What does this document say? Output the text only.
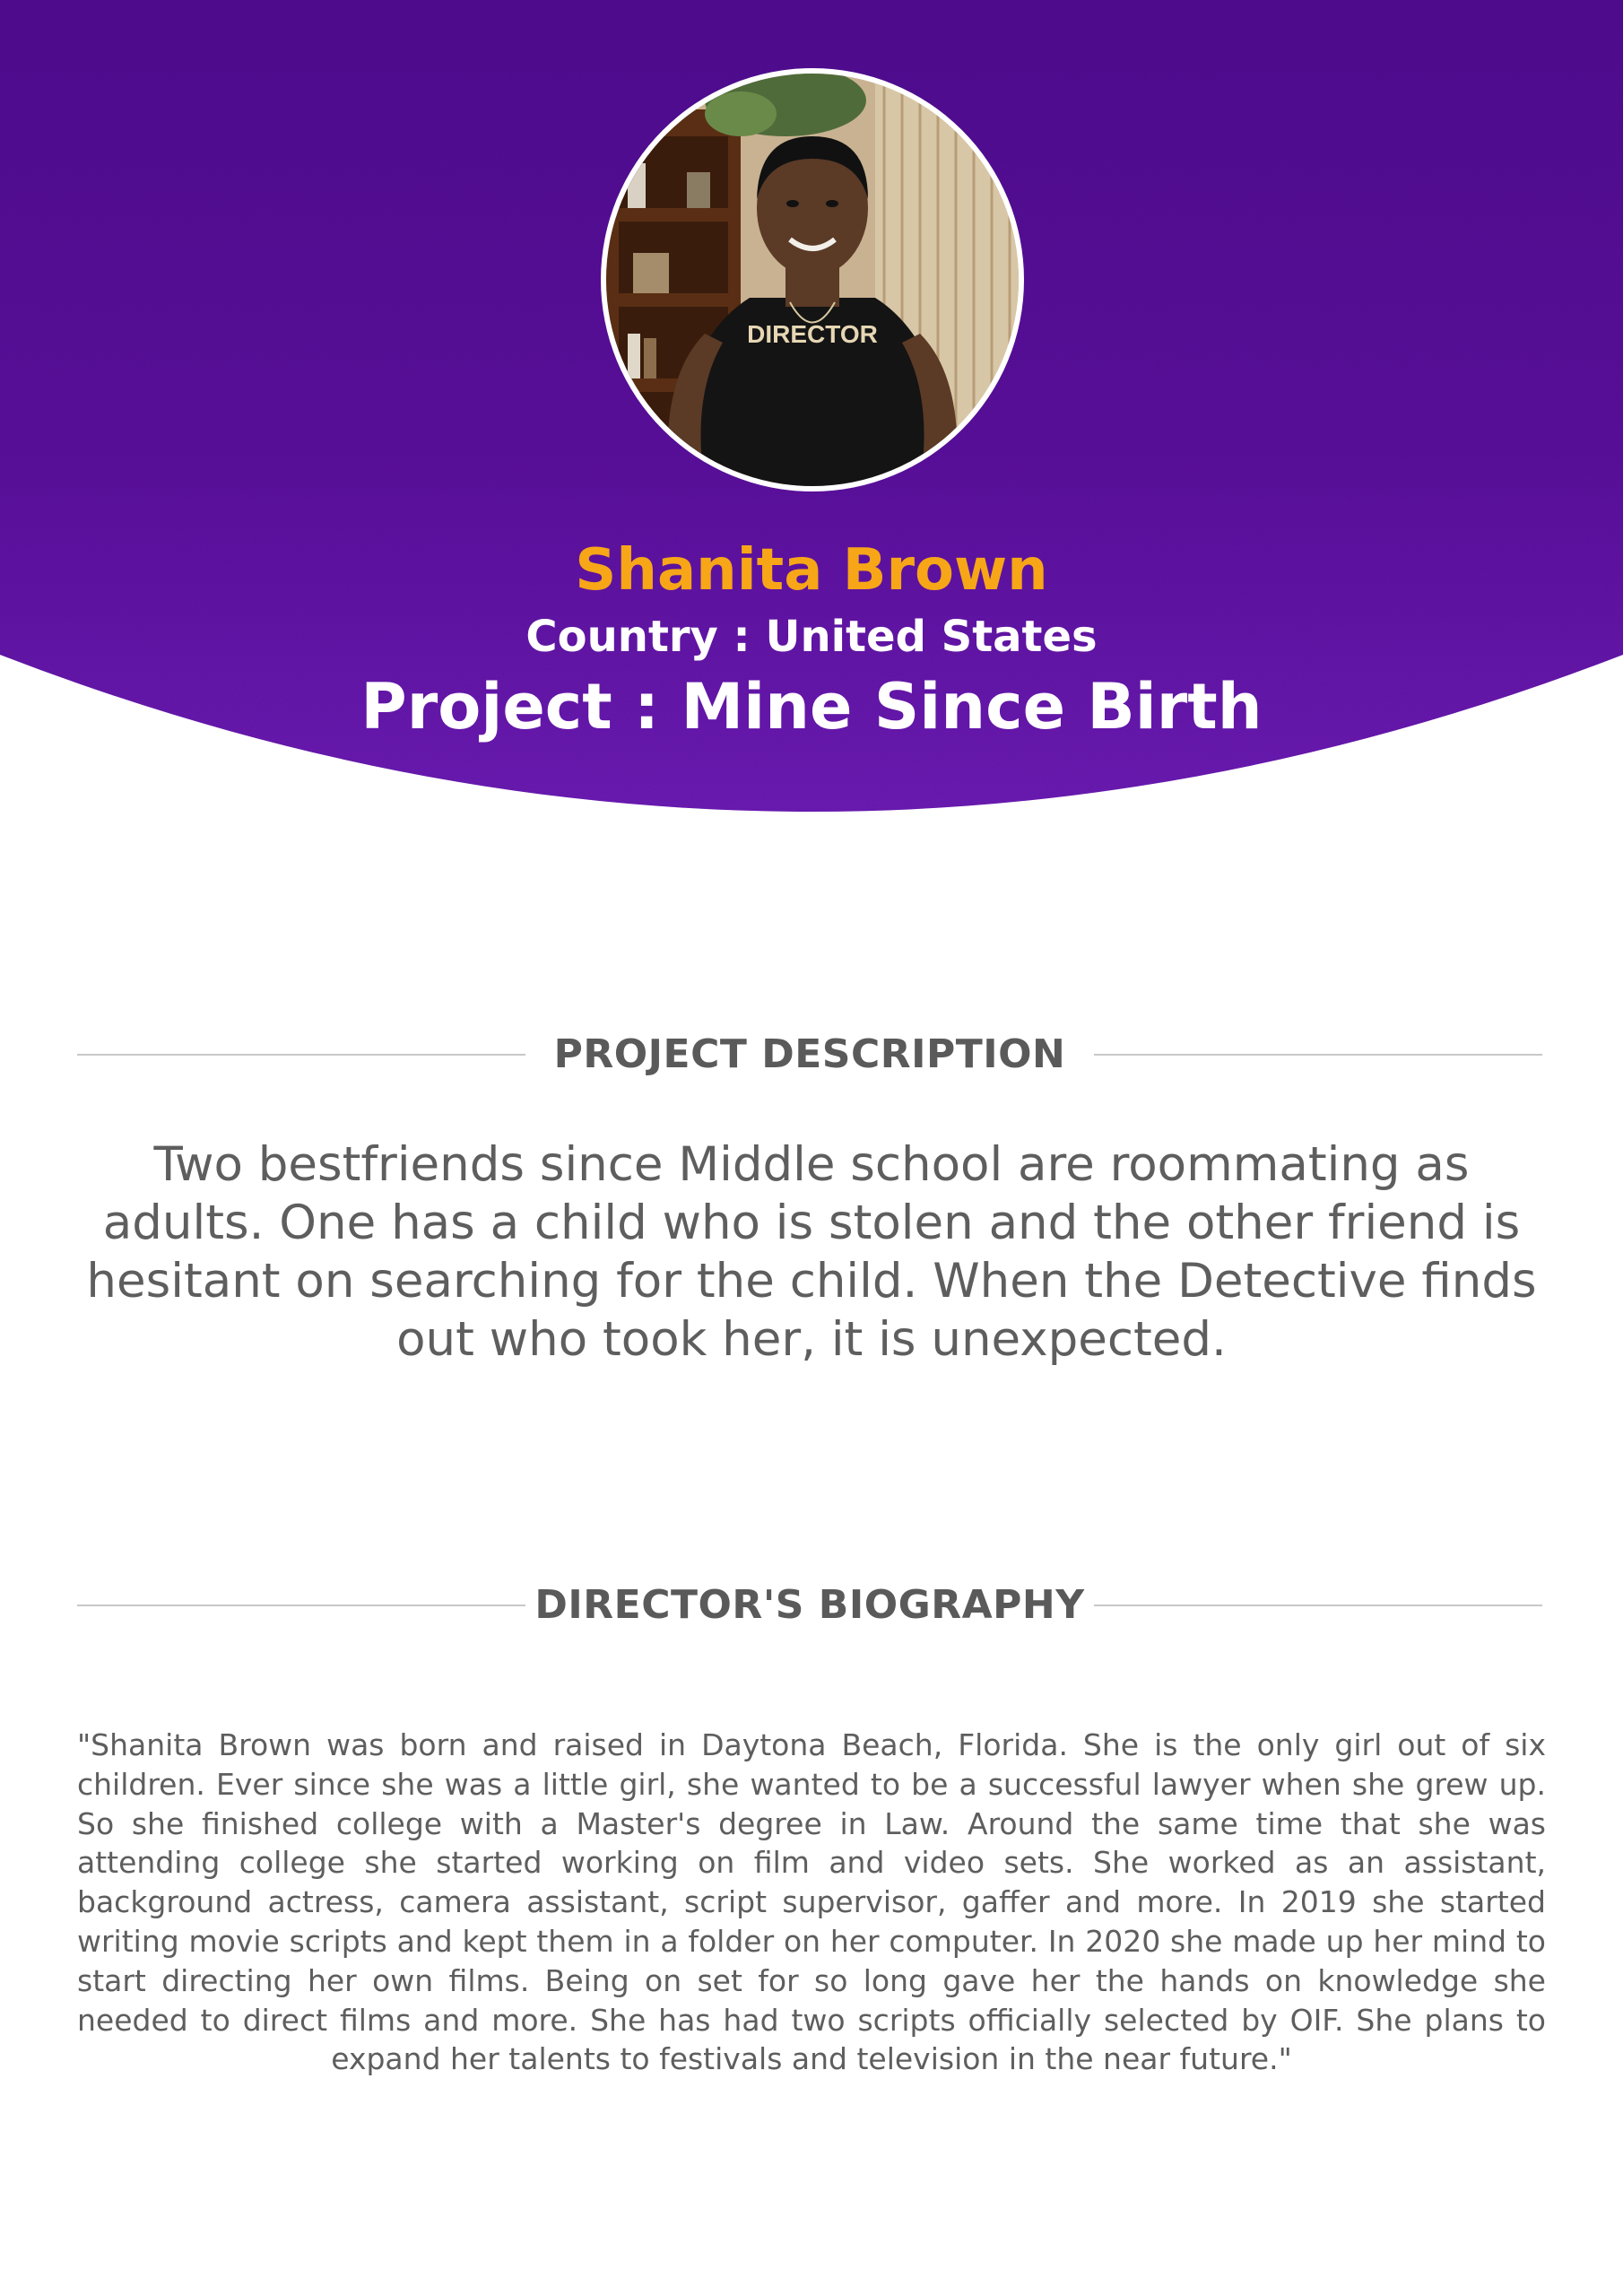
DIRECTOR
Shanita Brown
Country : United States
Project : Mine Since Birth
PROJECT DESCRIPTION

Two bestfriends since Middle school are roommating as adults. One has a child who is stolen and the other friend is hesitant on searching for the child. When the Detective finds out who took her, it is unexpected.

DIRECTOR'S BIOGRAPHY

"Shanita Brown was born and raised in Daytona Beach, Florida. She is the only girl out of six children. Ever since she was a little girl, she wanted to be a successful lawyer when she grew up. So she finished college with a Master's degree in Law. Around the same time that she was attending college she started working on film and video sets. She worked as an assistant, background actress, camera assistant, script supervisor, gaffer and more. In 2019 she started writing movie scripts and kept them in a folder on her computer. In 2020 she made up her mind to start directing her own films. Being on set for so long gave her the hands on knowledge she needed to direct films and more. She has had two scripts officially selected by OIF. She plans to expand her talents to festivals and television in the near future."
